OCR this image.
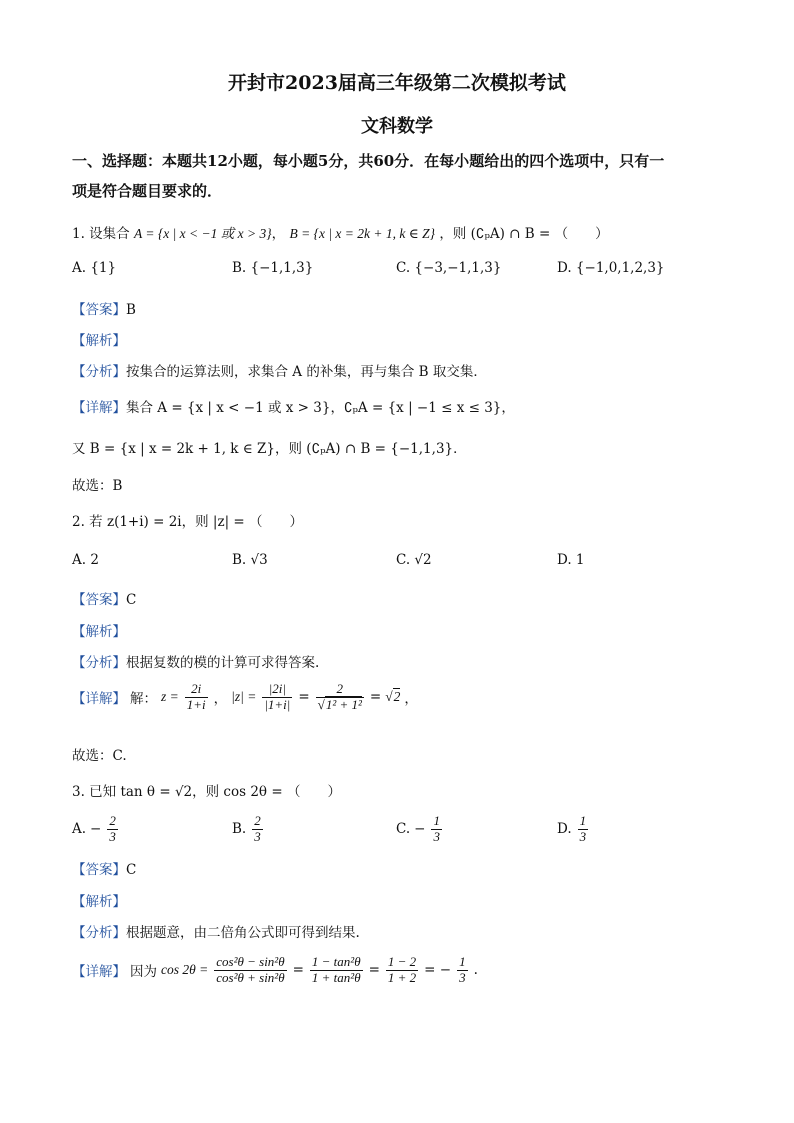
开封市2023届高三年级第二次模拟考试
文科数学
一、选择题：本题共12小题，每小题5分，共60分．在每小题给出的四个选项中，只有一
项是符合题目要求的．
1. 设集合 A = {x | x < −1 或 x > 3}， B = {x | x = 2k + 1, k ∈ Z} ，则 (∁ₚA) ∩ B = （　　）
A. {1}	B. {−1,1,3}	C. {−3,−1,1,3}	D. {−1,0,1,2,3}
【答案】B
【解析】
【分析】按集合的运算法则，求集合 A 的补集，再与集合 B 取交集．
【详解】集合 A = {x | x < −1 或 x > 3}，∁ₚA = {x | −1 ≤ x ≤ 3}，
又 B = {x | x = 2k + 1, k ∈ Z}，则 (∁ₚA) ∩ B = {−1,1,3}．
故选：B
2. 若 z(1+i) = 2i，则 |z| = （　　）
A. 2	B. √3	C. √2	D. 1
【答案】C
【解析】
【分析】根据复数的模的计算可求得答案.
【详解】 解： $z = \frac{2i}{1+i}$ ， $|z| = \frac{|2i|}{|1+i|} = \frac{2}{\text{√1² + 1²}} = √2$ ，
故选：C.
3. 已知 tan θ = √2，则 cos 2θ = （　　）
A. − $\frac{2}{3}$	B. $\frac{2}{3}$	C. − $\frac{1}{3}$	D. $\frac{1}{3}$
【答案】C
【解析】
【分析】根据题意，由二倍角公式即可得到结果.
【详解】 因为 $\cos 2\theta = \frac{\text{cos²θ − sin²θ}}{\text{cos²θ + sin²θ}} = \frac{\text{1 − tan²θ}}{\text{1 + tan²θ}} = \frac{1 - 2}{1 + 2}$ = − $\frac{1}{3}$ .
